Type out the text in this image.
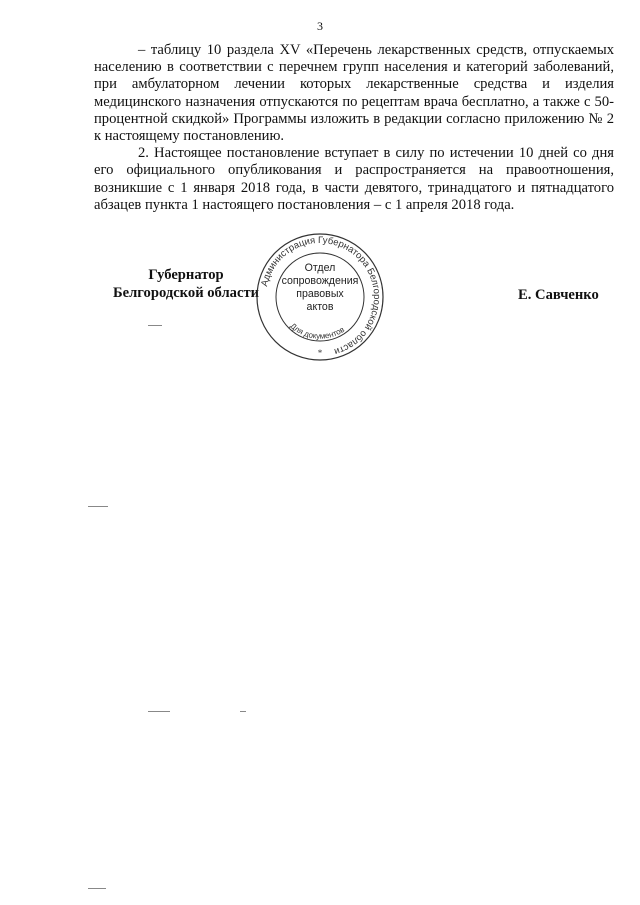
3

– таблицу 10 раздела XV «Перечень лекарственных средств, отпускаемых населению в соответствии с перечнем групп населения и категорий заболеваний, при амбулаторном лечении которых лекарственные средства и изделия медицинского назначения отпускаются по рецептам врача бесплатно, а также с 50-процентной скидкой» Программы изложить в редакции согласно приложению № 2 к настоящему постановлению.

2. Настоящее постановление вступает в силу по истечении 10 дней со дня его официального опубликования и распространяется на правоотношения, возникшие с 1 января 2018 года, в части девятого, тринадцатого и пятнадцатого абзацев пункта 1 настоящего постановления – с 1 апреля 2018 года.

Губернатор
Белгородской области
Администрация Губернатора Белгородской области
Для документов
*
Отдел
сопровождения
правовых
актов
Е. Савченко
